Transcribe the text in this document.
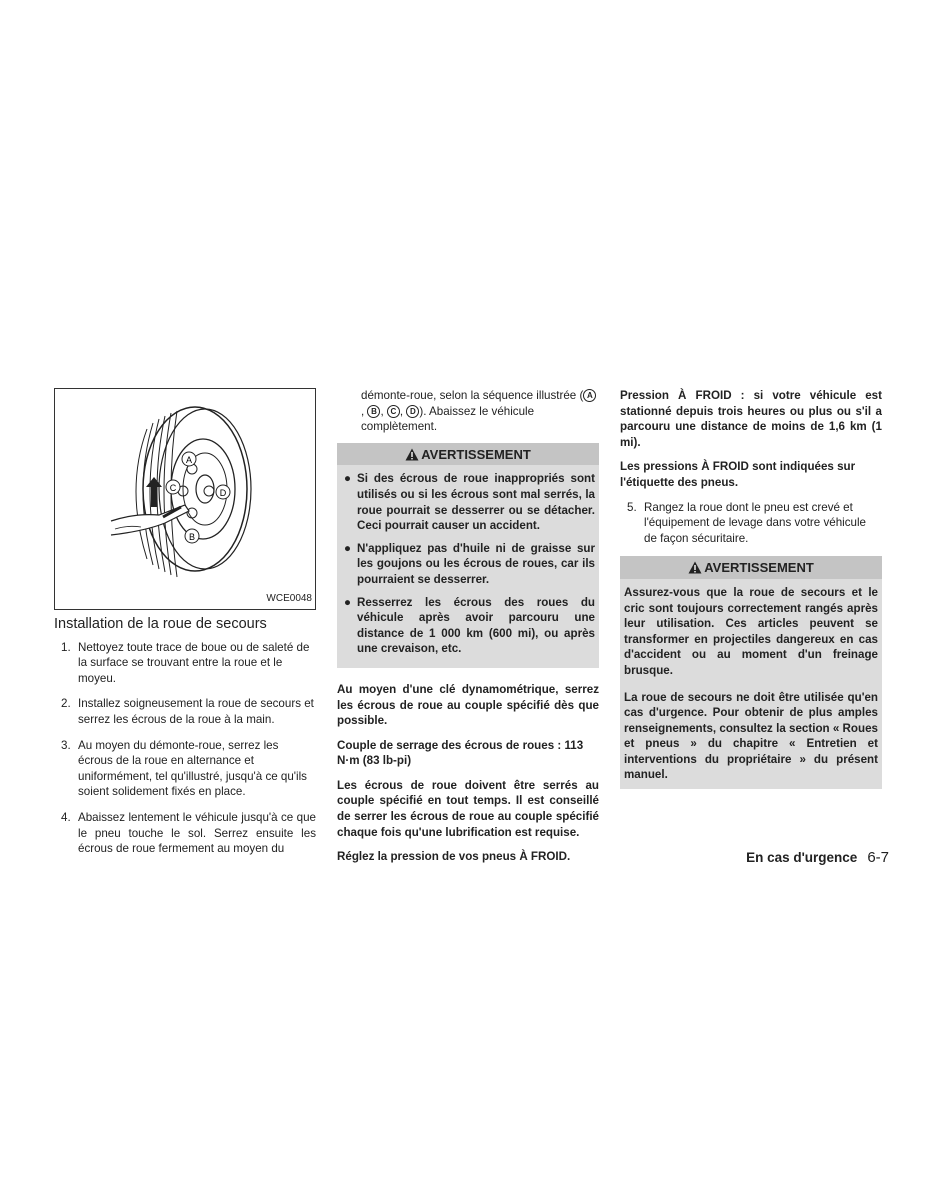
A
B
C	D
WCE0048
Installation de la roue de secours
1. Nettoyez toute trace de boue ou de saleté de la surface se trouvant entre la roue et le moyeu.
2. Installez soigneusement la roue de secours et serrez les écrous de la roue à la main.
3. Au moyen du démonte-roue, serrez les écrous de la roue en alternance et uniformément, tel qu'illustré, jusqu'à ce qu'ils soient solidement fixés en place.
4. Abaissez lentement le véhicule jusqu'à ce que le pneu touche le sol. Serrez ensuite les écrous de roue fermement au moyen du

démonte-roue, selon la séquence illustrée ( A, B , C , D ). Abaissez le véhicule complètement.

AVERTISSEMENT
● Si des écrous de roue inappropriés sont utilisés ou si les écrous sont mal serrés, la roue pourrait se desserrer ou se détacher. Ceci pourrait causer un accident.
● N'appliquez pas d'huile ni de graisse sur les goujons ou les écrous de roues, car ils pourraient se desserrer.
● Resserrez les écrous des roues du véhicule après avoir parcouru une distance de 1 000 km (600 mi), ou après une crevaison, etc.

Au moyen d'une clé dynamométrique, serrez les écrous de roue au couple spécifié dès que possible.

Couple de serrage des écrous de roues : 113 N·m (83 lb-pi)

Les écrous de roue doivent être serrés au couple spécifié en tout temps. Il est conseillé de serrer les écrous de roue au couple spécifié chaque fois qu'une lubrification est requise.

Réglez la pression de vos pneus À FROID.

Pression À FROID : si votre véhicule est stationné depuis trois heures ou plus ou s'il a parcouru une distance de moins de 1,6 km (1 mi).

Les pressions À FROID sont indiquées sur l'étiquette des pneus.

5. Rangez la roue dont le pneu est crevé et l'équipement de levage dans votre véhicule de façon sécuritaire.
AVERTISSEMENT

Assurez-vous que la roue de secours et le cric sont toujours correctement rangés après leur utilisation. Ces articles peuvent se transformer en projectiles dangereux en cas d'accident ou au moment d'un freinage brusque.

La roue de secours ne doit être utilisée qu'en cas d'urgence. Pour obtenir de plus amples renseignements, consultez la section « Roues et pneus » du chapitre « Entretien et interventions du propriétaire » du présent manuel.

En cas d'urgence 6-7
